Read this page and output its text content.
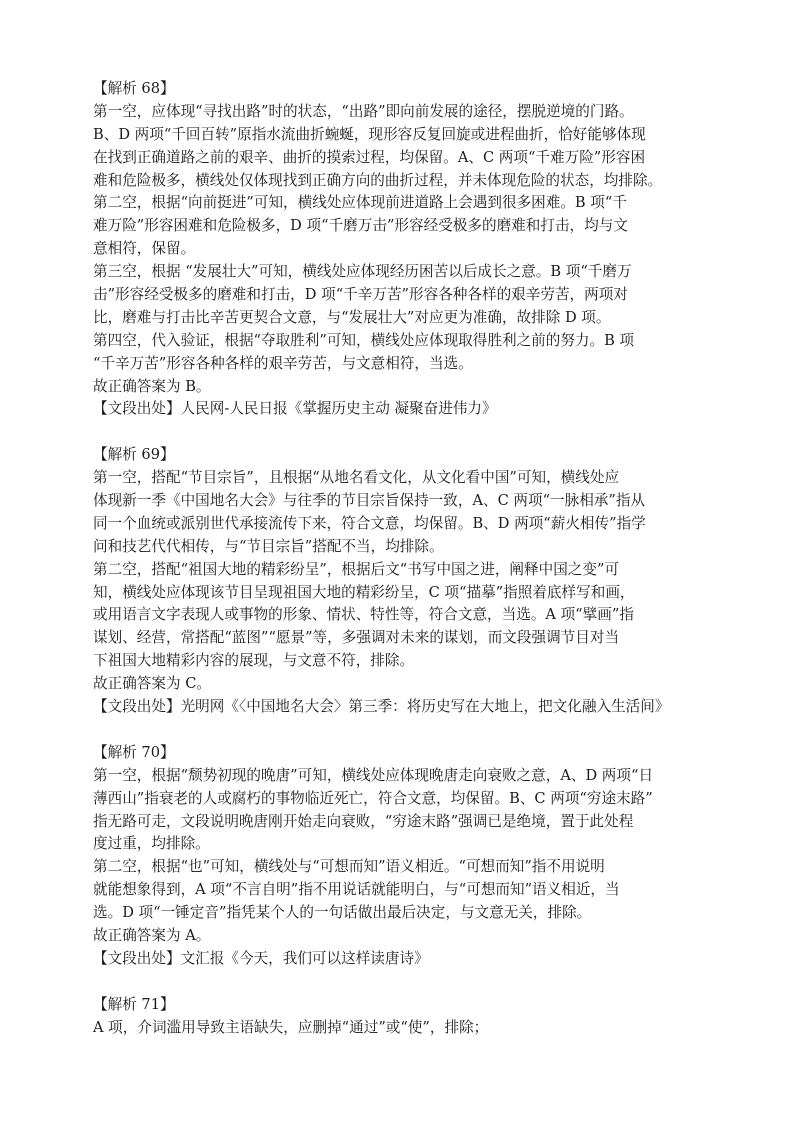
【解析 68】
第一空，应体现“寻找出路”时的状态，“出路”即向前发展的途径，摆脱逆境的门路。
B、D 两项“千回百转”原指水流曲折蜿蜒，现形容反复回旋或进程曲折，恰好能够体现
在找到正确道路之前的艰辛、曲折的摸索过程，均保留。A、C 两项“千难万险”形容困
难和危险极多，横线处仅体现找到正确方向的曲折过程，并未体现危险的状态，均排除。
第二空，根据“向前挺进”可知，横线处应体现前进道路上会遇到很多困难。B 项“千
难万险”形容困难和危险极多，D 项“千磨万击”形容经受极多的磨难和打击，均与文
意相符，保留。
第三空，根据 “发展壮大”可知，横线处应体现经历困苦以后成长之意。B 项“千磨万
击”形容经受极多的磨难和打击，D 项“千辛万苦”形容各种各样的艰辛劳苦，两项对
比，磨难与打击比辛苦更契合文意，与“发展壮大”对应更为准确，故排除 D 项。
第四空，代入验证，根据“夺取胜利”可知，横线处应体现取得胜利之前的努力。B 项
“千辛万苦”形容各种各样的艰辛劳苦，与文意相符，当选。
故正确答案为 B。
【文段出处】人民网-人民日报《掌握历史主动 凝聚奋进伟力》
【解析 69】
第一空，搭配“节目宗旨”，且根据“从地名看文化，从文化看中国”可知，横线处应
体现新一季《中国地名大会》与往季的节目宗旨保持一致，A、C 两项“一脉相承”指从
同一个血统或派别世代承接流传下来，符合文意，均保留。B、D 两项“薪火相传”指学
问和技艺代代相传，与“节目宗旨”搭配不当，均排除。
第二空，搭配“祖国大地的精彩纷呈”，根据后文“书写中国之进，阐释中国之变”可
知，横线处应体现该节目呈现祖国大地的精彩纷呈，C 项“描摹”指照着底样写和画，
或用语言文字表现人或事物的形象、情状、特性等，符合文意，当选。A 项“擘画”指
谋划、经营，常搭配“蓝图”“愿景”等，多强调对未来的谋划，而文段强调节目对当
下祖国大地精彩内容的展现，与文意不符，排除。
故正确答案为 C。
【文段出处】光明网《〈中国地名大会〉第三季：将历史写在大地上，把文化融入生活间》
【解析 70】
第一空，根据“颓势初现的晚唐”可知，横线处应体现晚唐走向衰败之意，A、D 两项“日
薄西山”指衰老的人或腐朽的事物临近死亡，符合文意，均保留。B、C 两项“穷途末路”
指无路可走，文段说明晚唐刚开始走向衰败，“穷途末路”强调已是绝境，置于此处程
度过重，均排除。
第二空，根据“也”可知，横线处与“可想而知”语义相近。“可想而知”指不用说明
就能想象得到，A 项“不言自明”指不用说话就能明白，与“可想而知”语义相近，当
选。D 项“一锤定音”指凭某个人的一句话做出最后决定，与文意无关，排除。
故正确答案为 A。
【文段出处】文汇报《今天，我们可以这样读唐诗》
【解析 71】
A 项，介词滥用导致主语缺失，应删掉“通过”或“使”，排除；
